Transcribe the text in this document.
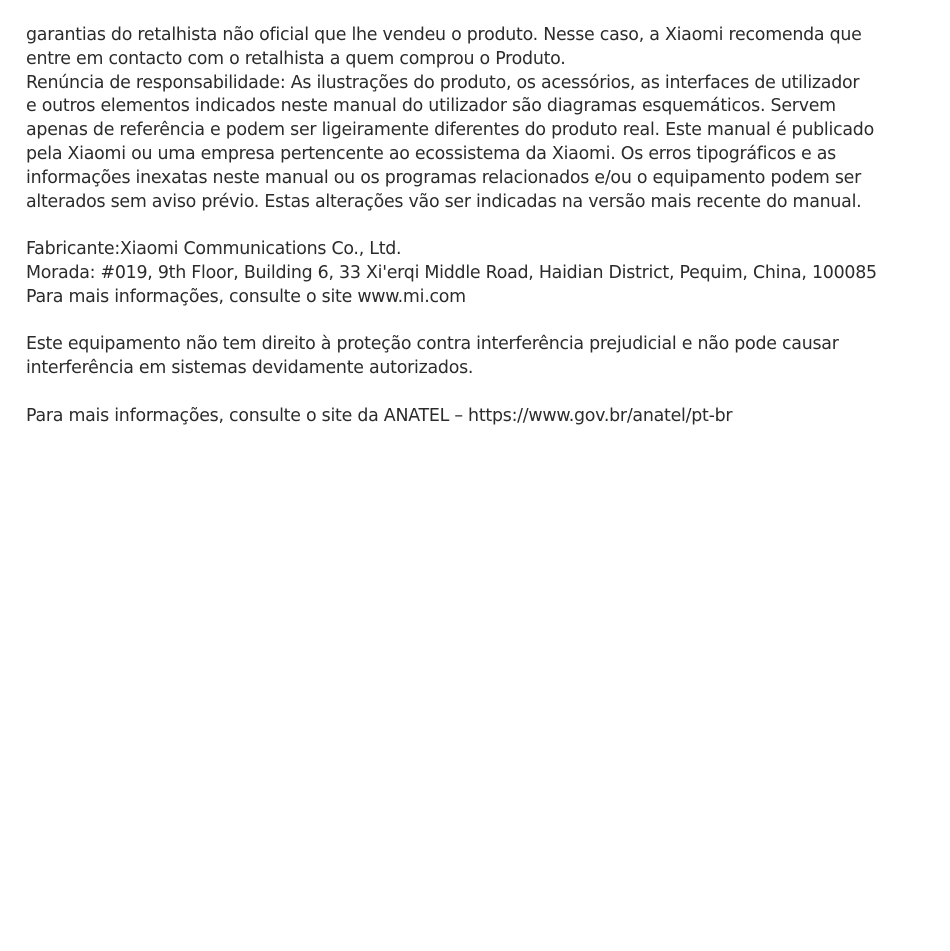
garantias do retalhista não oficial que lhe vendeu o produto. Nesse caso, a Xiaomi recomenda que
entre em contacto com o retalhista a quem comprou o Produto.
Renúncia de responsabilidade: As ilustrações do produto, os acessórios, as interfaces de utilizador
e outros elementos indicados neste manual do utilizador são diagramas esquemáticos. Servem
apenas de referência e podem ser ligeiramente diferentes do produto real. Este manual é publicado
pela Xiaomi ou uma empresa pertencente ao ecossistema da Xiaomi. Os erros tipográficos e as
informações inexatas neste manual ou os programas relacionados e/ou o equipamento podem ser
alterados sem aviso prévio. Estas alterações vão ser indicadas na versão mais recente do manual.
Fabricante:Xiaomi Communications Co., Ltd.
Morada: #019, 9th Floor, Building 6, 33 Xi'erqi Middle Road, Haidian District, Pequim, China, 100085
Para mais informações, consulte o site www.mi.com
Este equipamento não tem direito à proteção contra interferência prejudicial e não pode causar
interferência em sistemas devidamente autorizados.
Para mais informações, consulte o site da ANATEL – https://www.gov.br/anatel/pt-br
